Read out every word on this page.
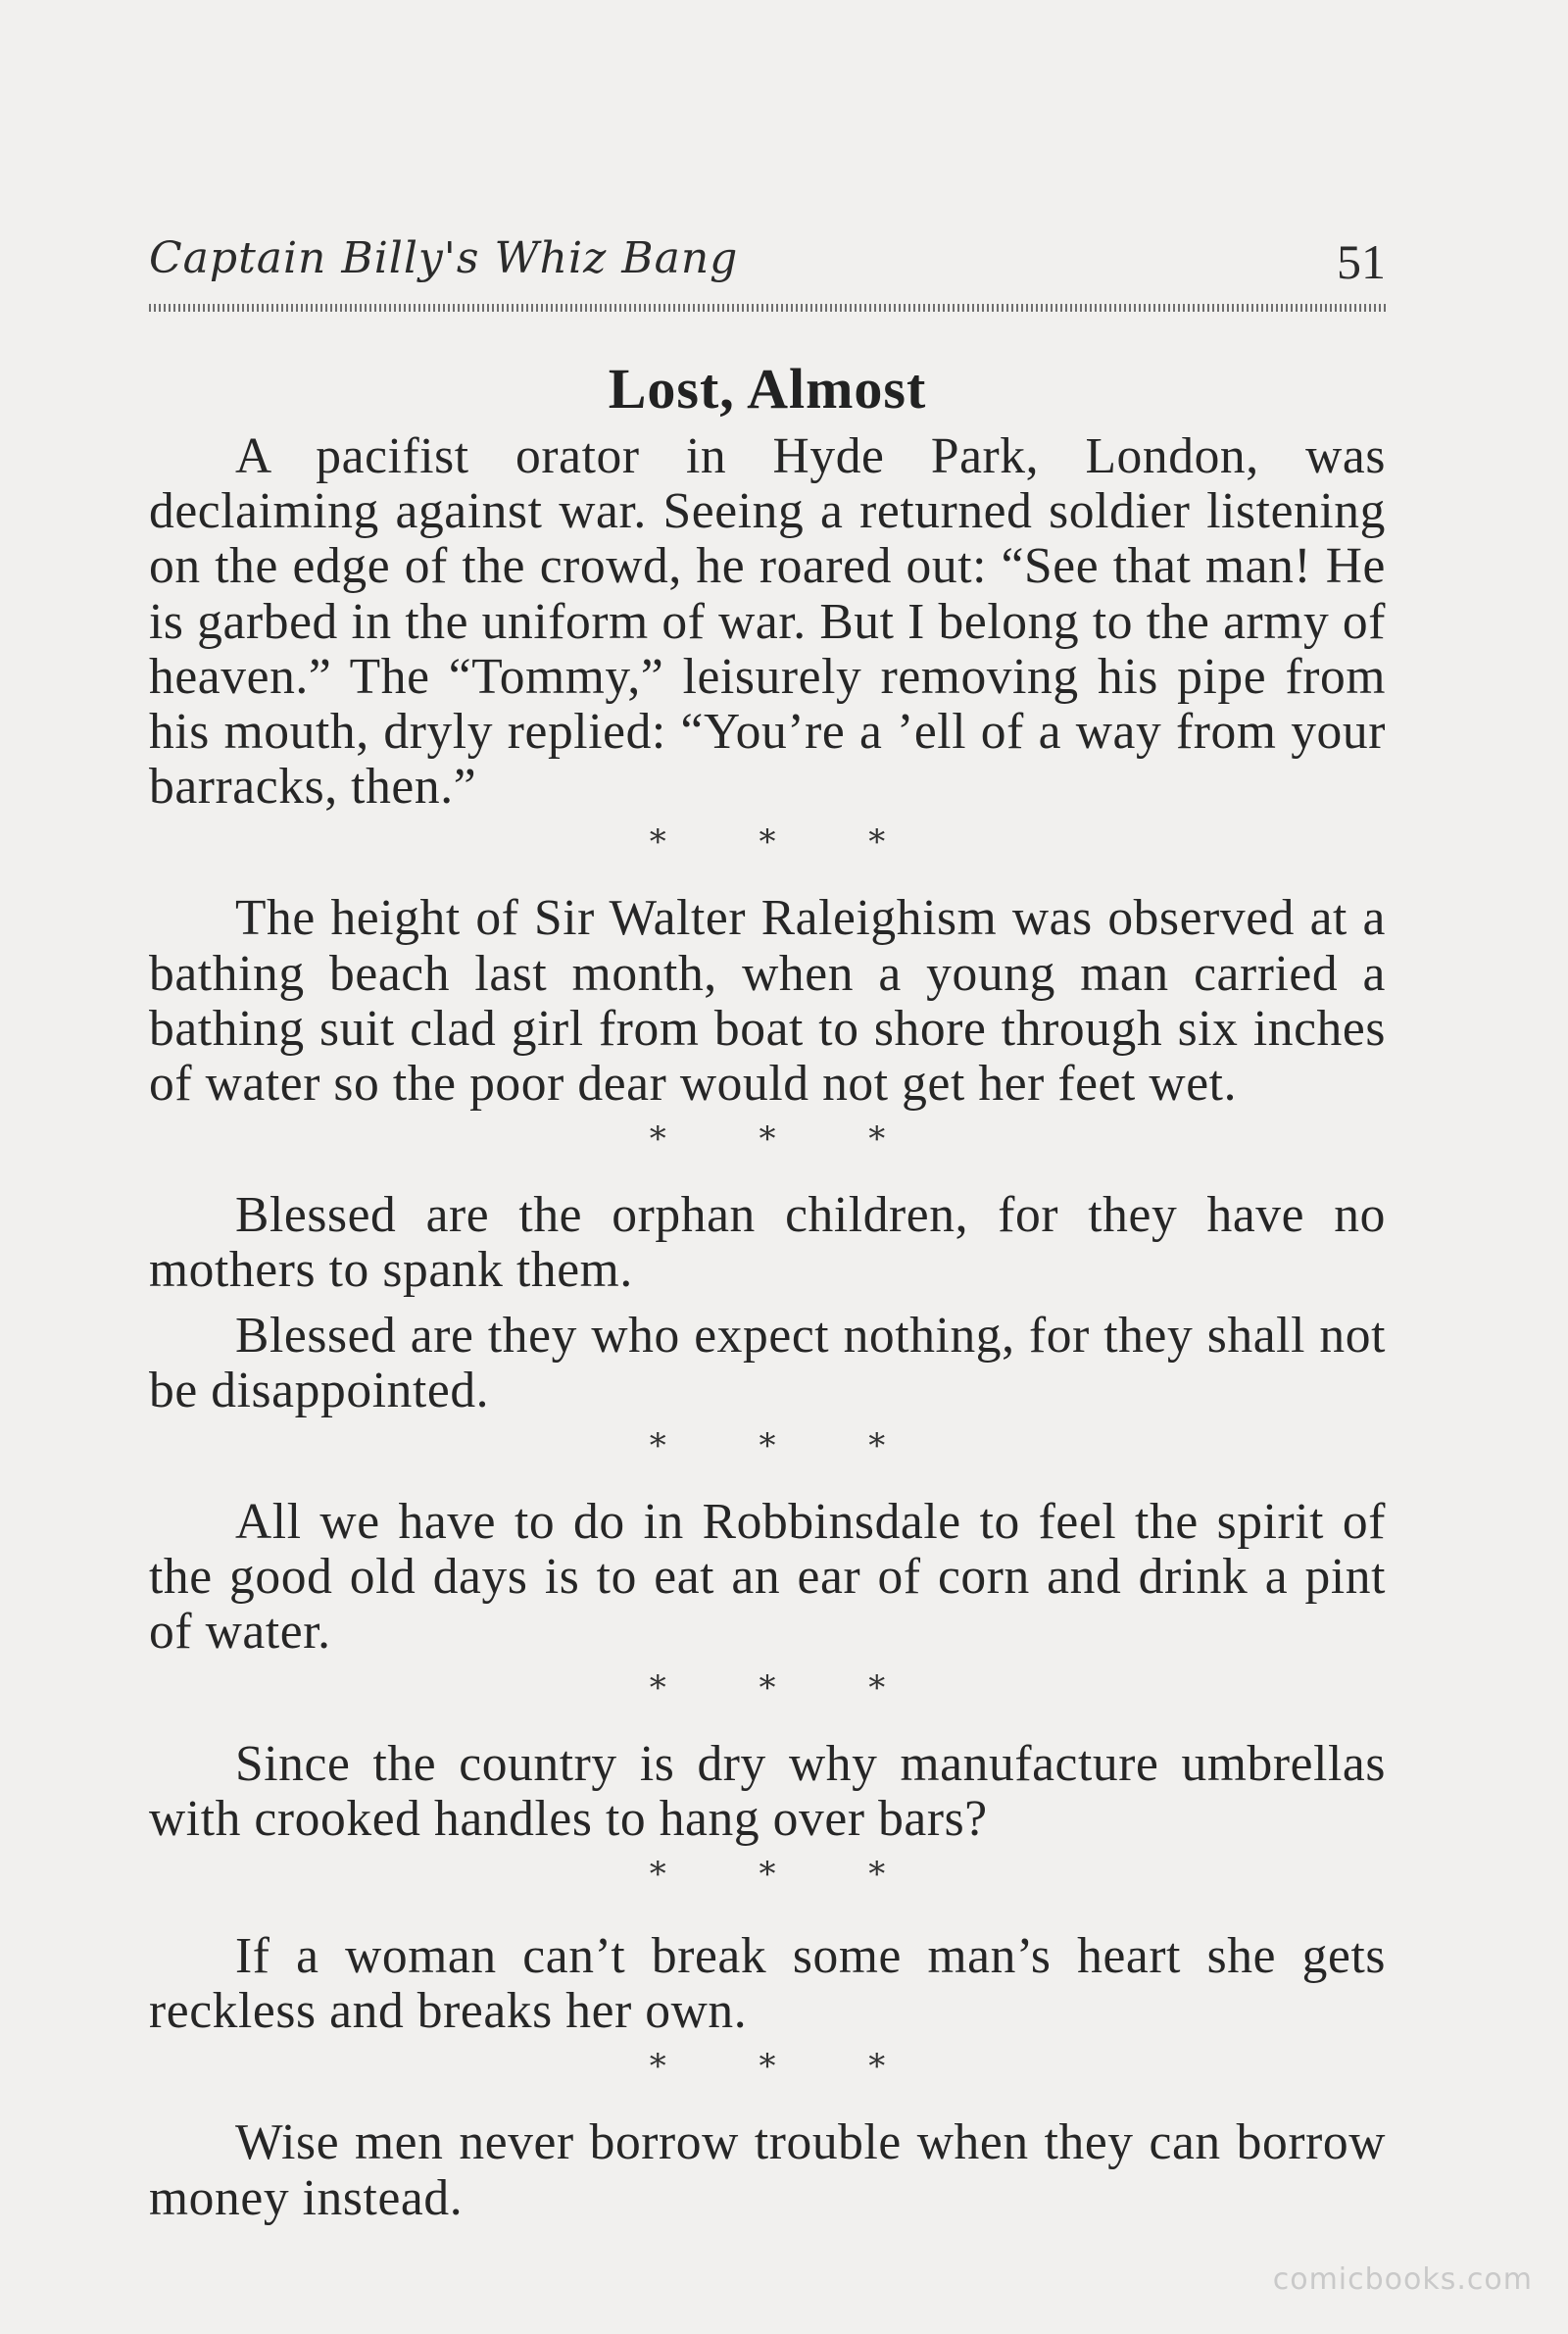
Captain Billy's Whiz Bang	51
Lost, Almost

A pacifist orator in Hyde Park, London, was declaiming against war. Seeing a returned soldier listening on the edge of the crowd, he roared out: “See that man! He is garbed in the uniform of war. But I belong to the army of heaven.” The “Tommy,” leisurely removing his pipe from his mouth, dryly replied: “You’re a ’ell of a way from your barracks, then.”

* * *

The height of Sir Walter Raleighism was observed at a bathing beach last month, when a young man carried a bathing suit clad girl from boat to shore through six inches of water so the poor dear would not get her feet wet.

* * *

Blessed are the orphan children, for they have no mothers to spank them.

Blessed are they who expect nothing, for they shall not be disappointed.

* * *

All we have to do in Robbinsdale to feel the spirit of the good old days is to eat an ear of corn and drink a pint of water.

* * *

Since the country is dry why manufacture umbrellas with crooked handles to hang over bars?

* * *

If a woman can’t break some man’s heart she gets reckless and breaks her own.

* * *

Wise men never borrow trouble when they can borrow money instead.

comicbooks.com
